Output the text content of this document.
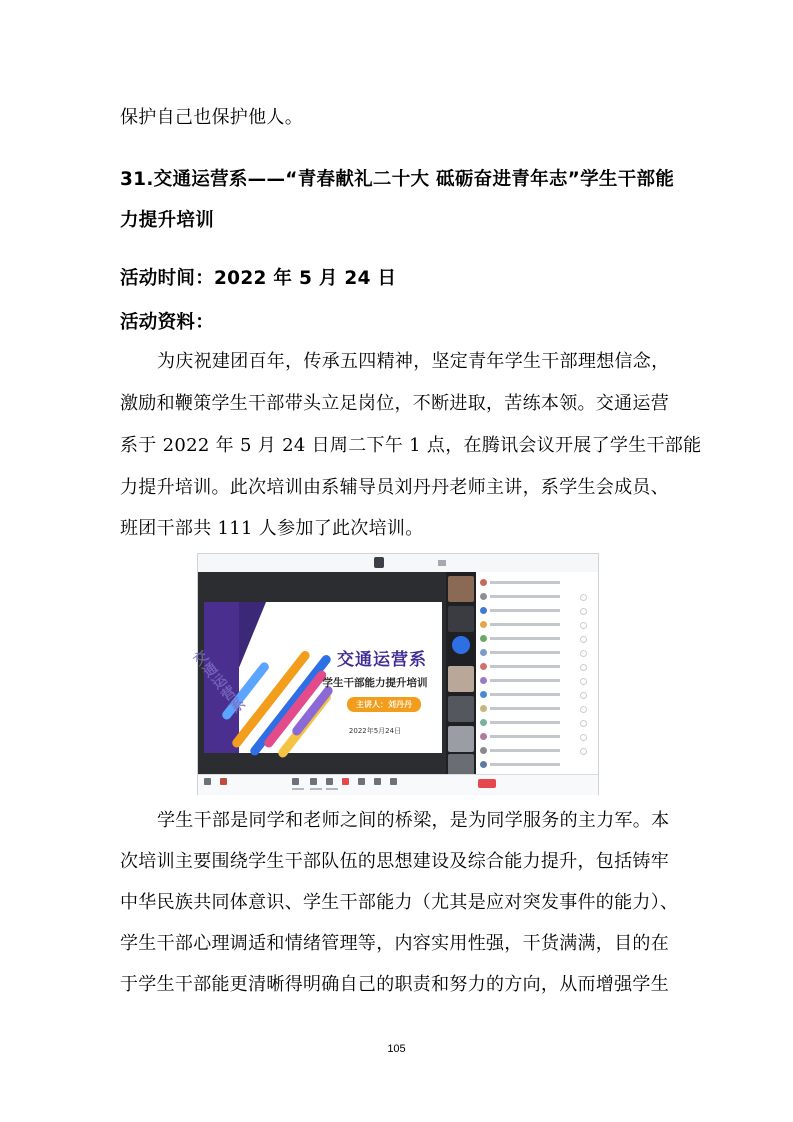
保护自己也保护他人。
31.交通运营系——“青春献礼二十大 砥砺奋进青年志”学生干部能
力提升培训
活动时间：2022 年 5 月 24 日
活动资料：
为庆祝建团百年，传承五四精神，坚定青年学生干部理想信念，
激励和鞭策学生干部带头立足岗位，不断进取，苦练本领。交通运营
系于 2022 年 5 月 24 日周二下午 1 点，在腾讯会议开展了学生干部能
力提升培训。此次培训由系辅导员刘丹丹老师主讲，系学生会成员、
班团干部共 111 人参加了此次培训。
交通运营系
交通运营系
学生干部能力提升培训
主讲人：刘丹丹
2022年5月24日
学生干部是同学和老师之间的桥梁，是为同学服务的主力军。本
次培训主要围绕学生干部队伍的思想建设及综合能力提升，包括铸牢
中华民族共同体意识、学生干部能力（尤其是应对突发事件的能力）、
学生干部心理调适和情绪管理等，内容实用性强，干货满满，目的在
于学生干部能更清晰得明确自己的职责和努力的方向，从而增强学生
105
